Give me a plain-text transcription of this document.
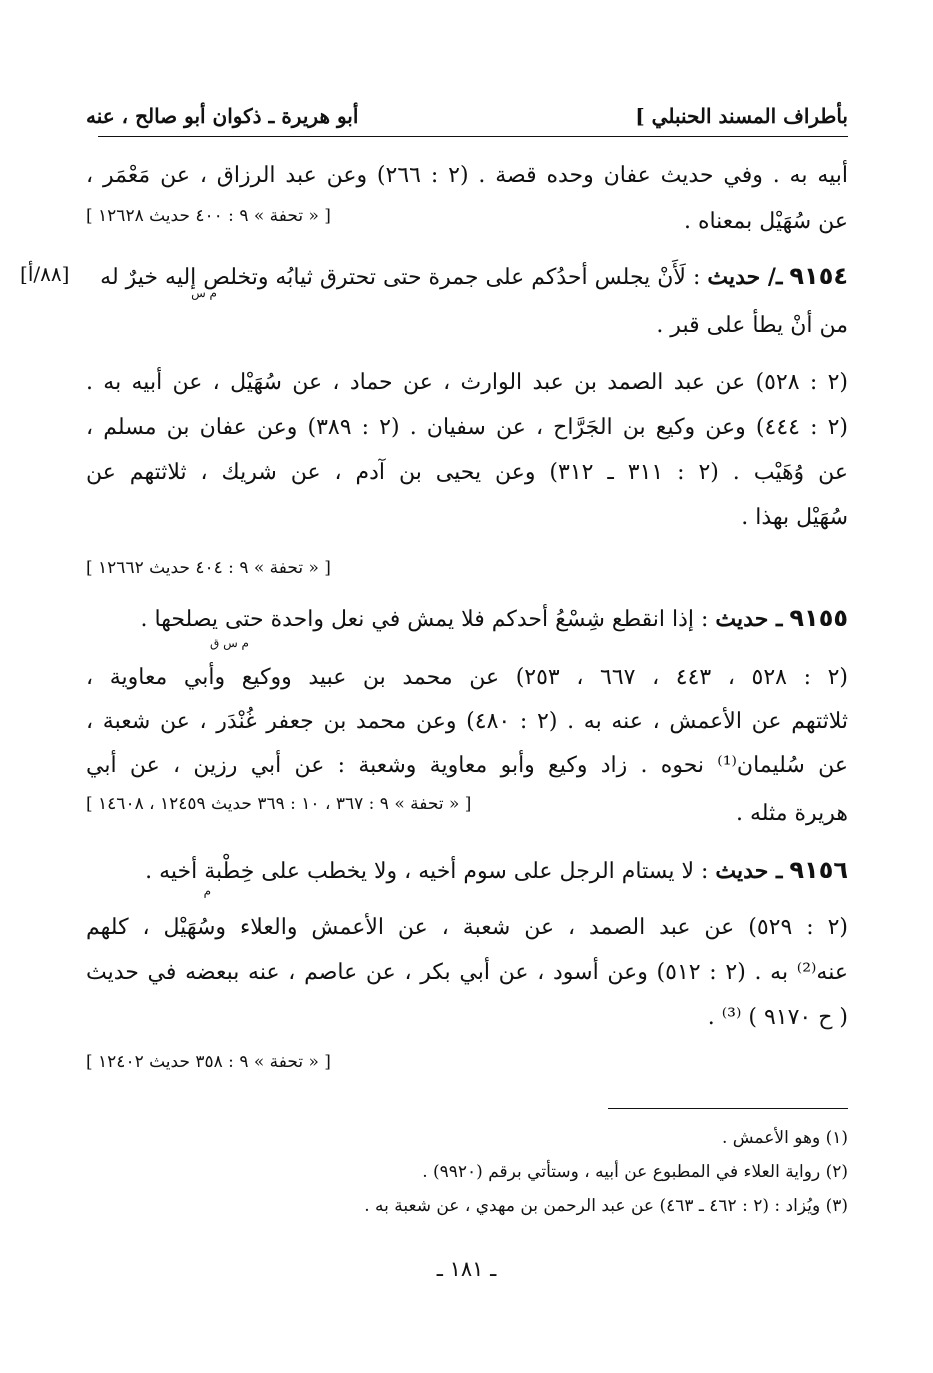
بأطراف المسند الحنبلي ]
أبو هريرة ـ ذكوان أبو صالح ، عنه
أبيه به . وفي حديث عفان وحده قصة . (٢ : ٢٦٦) وعن عبد الرزاق ، عن مَعْمَر ،
عن سُهَيْل بمعناه .
[ « تحفة » ٩ : ٤٠٠ حديث ١٢٦٢٨ ]
٩١٥٤ ـ/ حديث : لَأَنْ يجلس أحدُكم على جمرة حتى تحترق ثيابُه وتخلص إليه خيرٌ له
م س
[٨٨/أ]
من أنْ يطأ على قبر .
(٢ : ٥٢٨) عن عبد الصمد بن عبد الوارث ، عن حماد ، عن سُهَيْل ، عن أبيه به .
(٢ : ٤٤٤) وعن وكيع بن الجَرَّاح ، عن سفيان . (٢ : ٣٨٩) وعن عفان بن مسلم ،
عن وُهَيْب . (٢ : ٣١١ ـ ٣١٢) وعن يحيى بن آدم ، عن شريك ، ثلاثتهم عن
سُهَيْل بهذا .
[ « تحفة » ٩ : ٤٠٤ حديث ١٢٦٦٢ ]
٩١٥٥ ـ حديث : إذا انقطع شِسْعُ أحدكم فلا يمش في نعل واحدة حتى يصلحها .
م س ق
(٢ : ٥٢٨ ، ٤٤٣ ، ٦٦٧ ، ٢٥٣) عن محمد بن عبيد ووكيع وأبي معاوية ،
ثلاثتهم عن الأعمش ، عنه به . (٢ : ٤٨٠) وعن محمد بن جعفر غُنْدَر ، عن شعبة ،
عن سُليمان⁽¹⁾ نحوه . زاد وكيع وأبو معاوية وشعبة : عن أبي رزين ، عن أبي
هريرة مثله .
[ « تحفة » ٩ : ٣٦٧ ، ١٠ : ٣٦٩ حديث ١٢٤٥٩ ، ١٤٦٠٨ ]
٩١٥٦ ـ حديث : لا يستام الرجل على سوم أخيه ، ولا يخطب على خِطْبة أخيه .
م
(٢ : ٥٢٩) عن عبد الصمد ، عن شعبة ، عن الأعمش والعلاء وسُهَيْل ، كلهم
عنه⁽²⁾ به . (٢ : ٥١٢) وعن أسود ، عن أبي بكر ، عن عاصم ، عنه ببعضه في حديث
( ح ٩١٧٠ ) ⁽³⁾ .
[ « تحفة » ٩ : ٣٥٨ حديث ١٢٤٠٢ ]
(١) وهو الأعمش .
(٢) رواية العلاء في المطبوع عن أبيه ، وستأتي برقم (٩٩٢٠) .
(٣) ويُزاد : (٢ : ٤٦٢ ـ ٤٦٣) عن عبد الرحمن بن مهدي ، عن شعبة به .
ـ ١٨١ ـ
